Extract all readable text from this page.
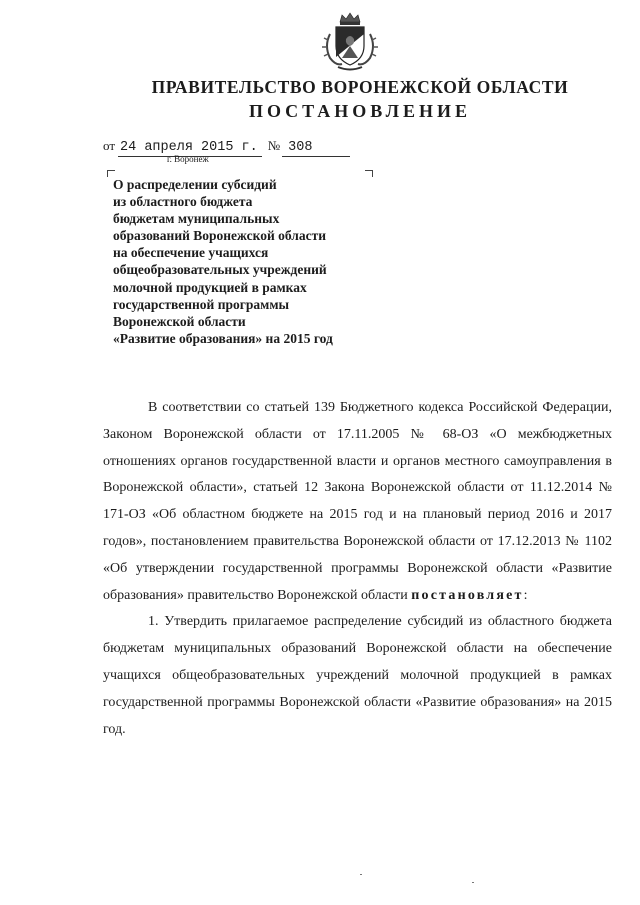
ПРАВИТЕЛЬСТВО ВОРОНЕЖСКОЙ ОБЛАСТИ
ПОСТАНОВЛЕНИЕ
от 24 апреля 2015 г. № 308
г. Воронеж
О распределении субсидий
из областного бюджета
бюджетам муниципальных
образований Воронежской области
на обеспечение учащихся
общеобразовательных учреждений
молочной продукцией в рамках
государственной программы
Воронежской области
«Развитие образования» на 2015 год

В соответствии со статьей 139 Бюджетного кодекса Российской Федерации, Законом Воронежской области от 17.11.2005 № 68-ОЗ «О межбюджетных отношениях органов государственной власти и органов местного самоуправления в Воронежской области», статьей 12 Закона Воронежской области от 11.12.2014 № 171-ОЗ «Об областном бюджете на 2015 год и на плановый период 2016 и 2017 годов», постановлением правительства Воронежской области от 17.12.2013 № 1102 «Об утверждении государственной программы Воронежской области «Развитие образования» правительство Воронежской области постановляет:

1. Утвердить прилагаемое распределение субсидий из областного бюджета бюджетам муниципальных образований Воронежской области на обеспечение учащихся общеобразовательных учреждений молочной продукцией в рамках государственной программы Воронежской области «Развитие образования» на 2015 год.
